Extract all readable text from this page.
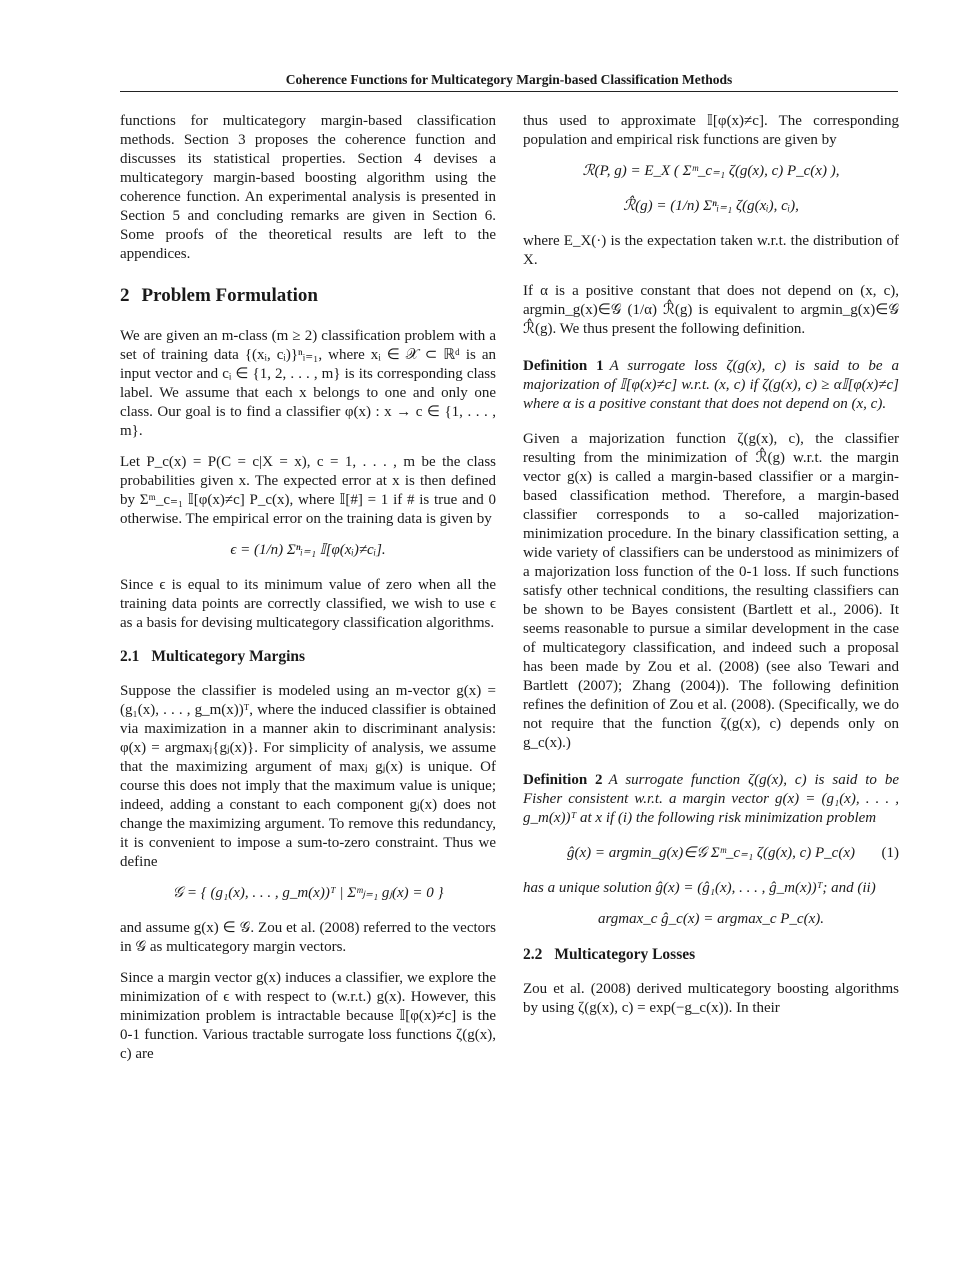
Coherence Functions for Multicategory Margin-based Classification Methods

functions for multicategory margin-based classification methods. Section 3 proposes the coherence function and discusses its statistical properties. Section 4 devises a multicategory margin-based boosting algorithm using the coherence function. An experimental analysis is presented in Section 5 and concluding remarks are given in Section 6. Some proofs of the theoretical results are left to the appendices.

2 Problem Formulation

We are given an m-class (m ≥ 2) classification problem with a set of training data {(xᵢ, cᵢ)}ⁿᵢ₌₁, where xᵢ ∈ 𝒳 ⊂ ℝᵈ is an input vector and cᵢ ∈ {1, 2, . . . , m} is its corresponding class label. We assume that each x belongs to one and only one class. Our goal is to find a classifier φ(x) : x → c ∈ {1, . . . , m}.

Let P_c(x) = P(C = c|X = x), c = 1, . . . , m be the class probabilities given x. The expected error at x is then defined by Σᵐ_c₌₁ 𝕀[φ(x)≠c] P_c(x), where 𝕀[#] = 1 if # is true and 0 otherwise. The empirical error on the training data is given by

ϵ = (1/n) Σⁿᵢ₌₁ 𝕀[φ(xᵢ)≠cᵢ].

Since ϵ is equal to its minimum value of zero when all the training data points are correctly classified, we wish to use ϵ as a basis for devising multicategory classification algorithms.

2.1 Multicategory Margins

Suppose the classifier is modeled using an m-vector g(x) = (g₁(x), . . . , g_m(x))ᵀ, where the induced classifier is obtained via maximization in a manner akin to discriminant analysis: φ(x) = argmaxⱼ{gⱼ(x)}. For simplicity of analysis, we assume that the maximizing argument of maxⱼ gⱼ(x) is unique. Of course this does not imply that the maximum value is unique; indeed, adding a constant to each component gⱼ(x) does not change the maximizing argument. To remove this redundancy, it is convenient to impose a sum-to-zero constraint. Thus we define

𝒢 = { (g₁(x), . . . , g_m(x))ᵀ | Σᵐⱼ₌₁ gⱼ(x) = 0 }

and assume g(x) ∈ 𝒢. Zou et al. (2008) referred to the vectors in 𝒢 as multicategory margin vectors.

Since a margin vector g(x) induces a classifier, we explore the minimization of ϵ with respect to (w.r.t.) g(x). However, this minimization problem is intractable because 𝕀[φ(x)≠c] is the 0-1 function. Various tractable surrogate loss functions ζ(g(x), c) are

thus used to approximate 𝕀[φ(x)≠c]. The corresponding population and empirical risk functions are given by

ℛ(P, g) = E_X ( Σᵐ_c₌₁ ζ(g(x), c) P_c(x) ),
ℛ̂(g) = (1/n) Σⁿᵢ₌₁ ζ(g(xᵢ), cᵢ),

where E_X(·) is the expectation taken w.r.t. the distribution of X.

If α is a positive constant that does not depend on (x, c), argmin_g(x)∈𝒢 (1/α) ℛ̂(g) is equivalent to argmin_g(x)∈𝒢 ℛ̂(g). We thus present the following definition.

Definition 1 A surrogate loss ζ(g(x), c) is said to be a majorization of 𝕀[φ(x)≠c] w.r.t. (x, c) if ζ(g(x), c) ≥ α𝕀[φ(x)≠c] where α is a positive constant that does not depend on (x, c).

Given a majorization function ζ(g(x), c), the classifier resulting from the minimization of ℛ̂(g) w.r.t. the margin vector g(x) is called a margin-based classifier or a margin-based classification method. Therefore, a margin-based classifier corresponds to a so-called majorization-minimization procedure. In the binary classification setting, a wide variety of classifiers can be understood as minimizers of a majorization loss function of the 0-1 loss. If such functions satisfy other technical conditions, the resulting classifiers can be shown to be Bayes consistent (Bartlett et al., 2006). It seems reasonable to pursue a similar development in the case of multicategory classification, and indeed such a proposal has been made by Zou et al. (2008) (see also Tewari and Bartlett (2007); Zhang (2004)). The following definition refines the definition of Zou et al. (2008). (Specifically, we do not require that the function ζ(g(x), c) depends only on g_c(x).)

Definition 2 A surrogate function ζ(g(x), c) is said to be Fisher consistent w.r.t. a margin vector g(x) = (g₁(x), . . . , g_m(x))ᵀ at x if (i) the following risk minimization problem
ĝ(x) = argmin_g(x)∈𝒢 Σᵐ_c₌₁ ζ(g(x), c) P_c(x) (1)

has a unique solution ĝ(x) = (ĝ₁(x), . . . , ĝ_m(x))ᵀ; and (ii)

argmax_c ĝ_c(x) = argmax_c P_c(x).
2.2 Multicategory Losses

Zou et al. (2008) derived multicategory boosting algorithms by using ζ(g(x), c) = exp(−g_c(x)). In their
